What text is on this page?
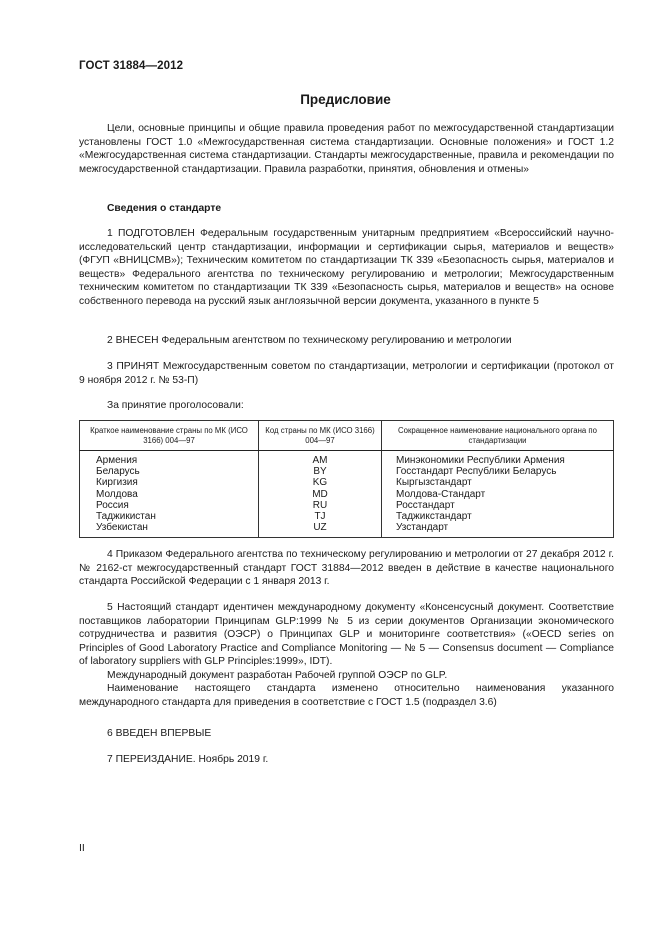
ГОСТ 31884—2012
Предисловие

Цели, основные принципы и общие правила проведения работ по межгосударственной стандартизации установлены ГОСТ 1.0 «Межгосударственная система стандартизации. Основные положения» и ГОСТ 1.2 «Межгосударственная система стандартизации. Стандарты межгосударственные, правила и рекомендации по межгосударственной стандартизации. Правила разработки, принятия, обновления и отмены»

Сведения о стандарте

1 ПОДГОТОВЛЕН Федеральным государственным унитарным предприятием «Всероссийский научно-исследовательский центр стандартизации, информации и сертификации сырья, материалов и веществ» (ФГУП «ВНИЦСМВ»); Техническим комитетом по стандартизации ТК 339 «Безопасность сырья, материалов и веществ» Федерального агентства по техническому регулированию и метрологии; Межгосударственным техническим комитетом по стандартизации ТК 339 «Безопасность сырья, материалов и веществ» на основе собственного перевода на русский язык англоязычной версии документа, указанного в пункте 5

2 ВНЕСЕН Федеральным агентством по техническому регулированию и метрологии

3 ПРИНЯТ Межгосударственным советом по стандартизации, метрологии и сертификации (протокол от 9 ноября 2012 г. № 53-П)

За принятие проголосовали:

Краткое наименование страны по МК (ИСО 3166) 004—97	Код страны по МК (ИСО 3166) 004—97	Сокращенное наименование национального органа по стандартизации
Армения	AM	Минэкономики Республики Армения
Беларусь	BY	Госстандарт Республики Беларусь
Киргизия	KG	Кыргызстандарт
Молдова	MD	Молдова-Стандарт
Россия	RU	Росстандарт
Таджикистан	TJ	Таджикстандарт
Узбекистан	UZ	Узстандарт

4 Приказом Федерального агентства по техническому регулированию и метрологии от 27 декабря 2012 г. № 2162-ст межгосударственный стандарт ГОСТ 31884—2012 введен в действие в качестве национального стандарта Российской Федерации с 1 января 2013 г.

5 Настоящий стандарт идентичен международному документу «Консенсусный документ. Соответствие поставщиков лаборатории Принципам GLP:1999 № 5 из серии документов Организации экономического сотрудничества и развития (ОЭСР) о Принципах GLP и мониторинге соответствия» («OECD series on Principles of Good Laboratory Practice and Compliance Monitoring — № 5 — Consensus document — Compliance of laboratory suppliers with GLP Principles:1999», IDT).

Международный документ разработан Рабочей группой ОЭСР по GLP.

Наименование настоящего стандарта изменено относительно наименования указанного международного стандарта для приведения в соответствие с ГОСТ 1.5 (подраздел 3.6)

6 ВВЕДЕН ВПЕРВЫЕ

7 ПЕРЕИЗДАНИЕ. Ноябрь 2019 г.

II
